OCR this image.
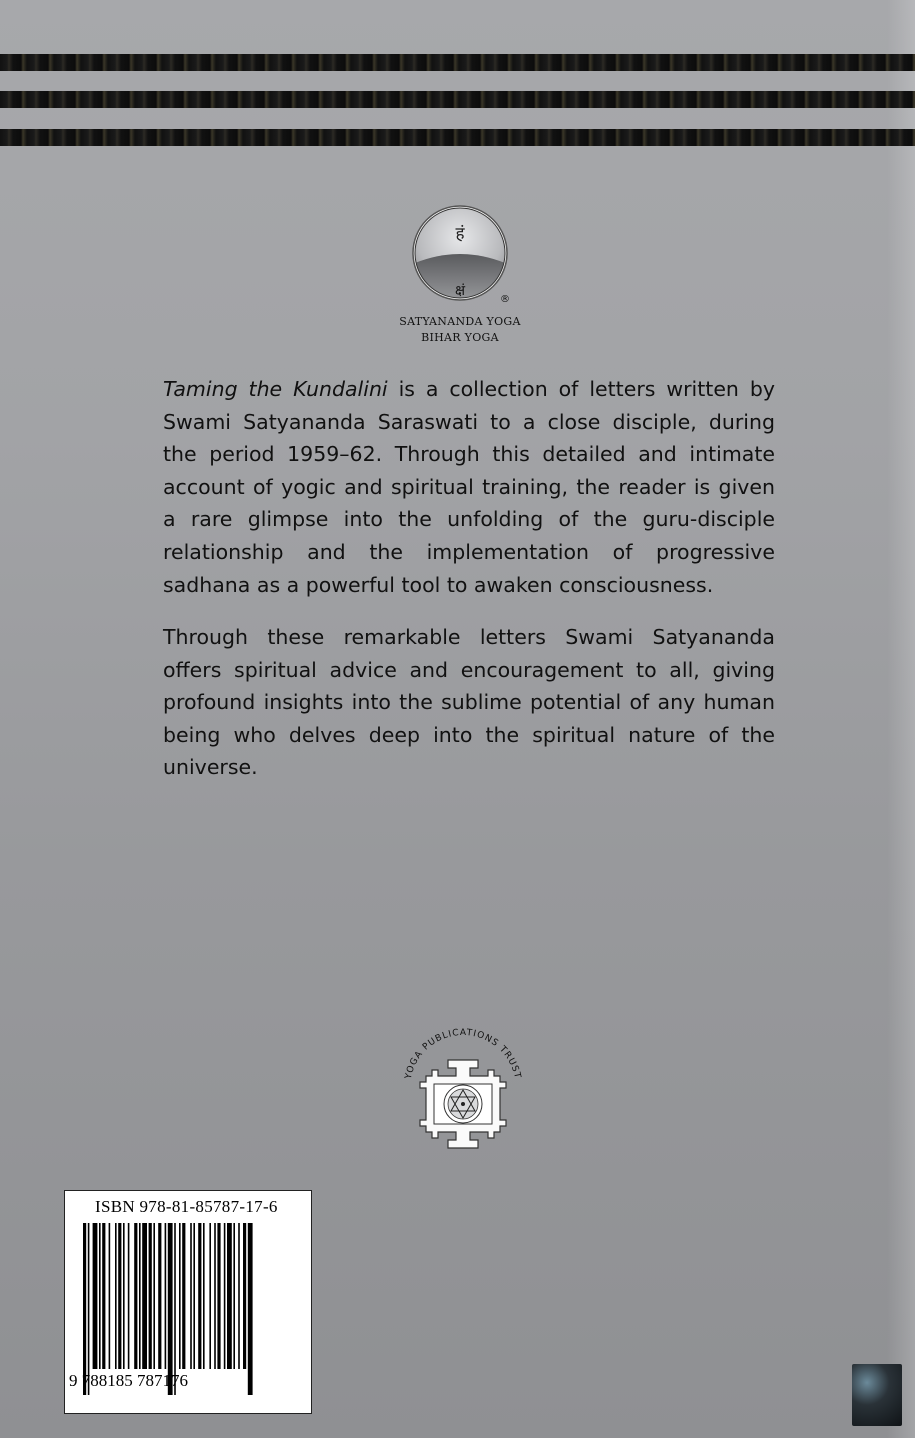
हं
क्षं
®
SATYANANDA YOGA
BIHAR YOGA
Taming the Kundalini is a collection of letters written by Swami Satyananda Saraswati to a close disciple, during the period 1959–62. Through this detailed and intimate account of yogic and spiritual training, the reader is given a rare glimpse into the unfolding of the guru-disciple relationship and the implementation of progressive sadhana as a powerful tool to awaken consciousness.
Through these remarkable letters Swami Satyananda offers spiritual advice and encouragement to all, giving profound insights into the sublime potential of any human being who delves deep into the spiritual nature of the universe.
YOGA PUBLICATIONS TRUST
ISBN 978-81-85787-17-6
9 788185 787176
